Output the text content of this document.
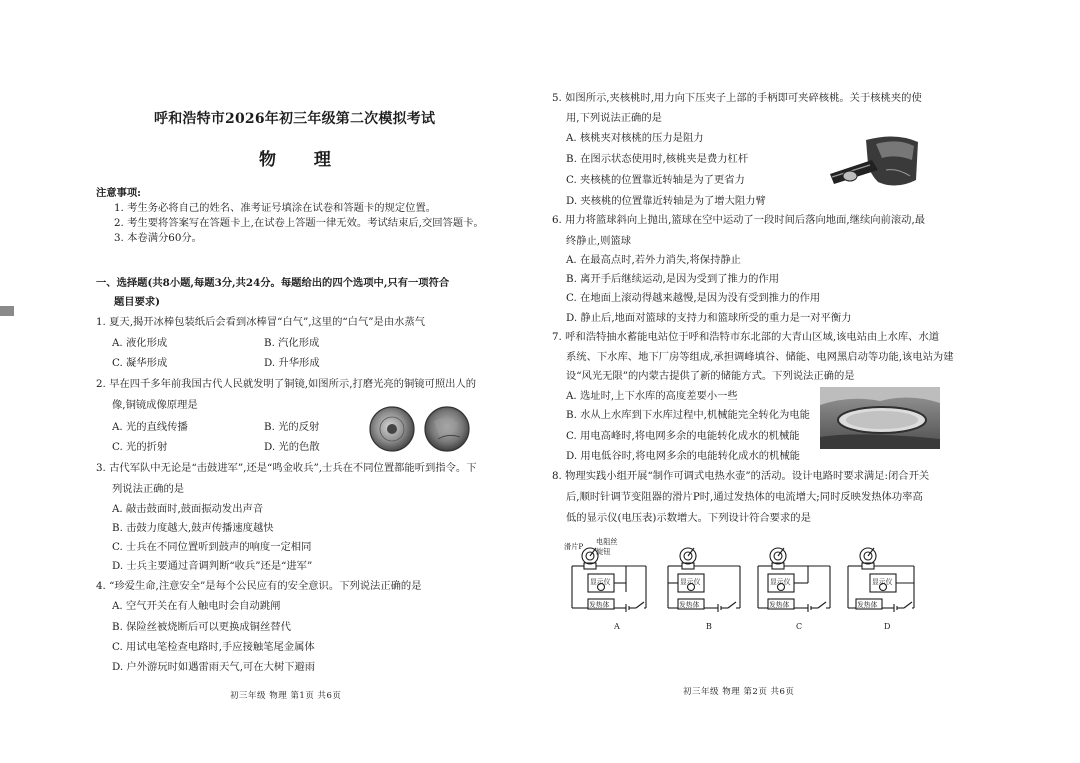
呼和浩特市2026年初三年级第二次模拟考试
物 理
注意事项:
1. 考生务必将自己的姓名、准考证号填涂在试卷和答题卡的规定位置。
2. 考生要将答案写在答题卡上,在试卷上答题一律无效。考试结束后,交回答题卡。
3. 本卷满分60分。
一、选择题(共8小题,每题3分,共24分。每题给出的四个选项中,只有一项符合
题目要求)
1. 夏天,揭开冰棒包装纸后会看到冰棒冒“白气”,这里的“白气”是由水蒸气
A. 液化形成	B. 汽化形成
C. 凝华形成	D. 升华形成
2. 早在四千多年前我国古代人民就发明了铜镜,如图所示,打磨光亮的铜镜可照出人的
像,铜镜成像原理是
A. 光的直线传播	B. 光的反射
C. 光的折射	D. 光的色散
3. 古代军队中无论是“击鼓进军”,还是“鸣金收兵”,士兵在不同位置都能听到指令。下
列说法正确的是
A. 敲击鼓面时,鼓面振动发出声音
B. 击鼓力度越大,鼓声传播速度越快
C. 士兵在不同位置听到鼓声的响度一定相同
D. 士兵主要通过音调判断“收兵”还是“进军”
4. “珍爱生命,注意安全”是每个公民应有的安全意识。下列说法正确的是
A. 空气开关在有人触电时会自动跳闸
B. 保险丝被烧断后可以更换成铜丝替代
C. 用试电笔检查电路时,手应接触笔尾金属体
D. 户外游玩时如遇雷雨天气,可在大树下避雨
初三年级 物理 第1页 共6页
5. 如图所示,夹核桃时,用力向下压夹子上部的手柄即可夹碎核桃。关于核桃夹的使
用,下列说法正确的是
A. 核桃夹对核桃的压力是阻力
B. 在图示状态使用时,核桃夹是费力杠杆
C. 夹核桃的位置靠近转轴是为了更省力
D. 夹核桃的位置靠近转轴是为了增大阻力臂
6. 用力将篮球斜向上抛出,篮球在空中运动了一段时间后落向地面,继续向前滚动,最
终静止,则篮球
A. 在最高点时,若外力消失,将保持静止
B. 离开手后继续运动,是因为受到了推力的作用
C. 在地面上滚动得越来越慢,是因为没有受到推力的作用
D. 静止后,地面对篮球的支持力和篮球所受的重力是一对平衡力
7. 呼和浩特抽水蓄能电站位于呼和浩特市东北部的大青山区域,该电站由上水库、水道
系统、下水库、地下厂房等组成,承担调峰填谷、储能、电网黑启动等功能,该电站为建
设“风光无限”的内蒙古提供了新的储能方式。下列说法正确的是
A. 选址时,上下水库的高度差要小一些
B. 水从上水库到下水库过程中,机械能完全转化为电能
C. 用电高峰时,将电网多余的电能转化成水的机械能
D. 用电低谷时,将电网多余的电能转化成水的机械能
8. 物理实践小组开展“制作可调式电热水壶”的活动。设计电路时要求满足:闭合开关
后,顺时针调节变阻器的滑片P时,通过发热体的电流增大;同时反映发热体功率高
低的显示仪(电压表)示数增大。下列设计符合要求的是
滑片P
电阻丝
旋钮
显示仪
发热体
A
显示仪
发热体
B
显示仪
发热体
C
显示仪
发热体
D
初三年级 物理 第2页 共6页
